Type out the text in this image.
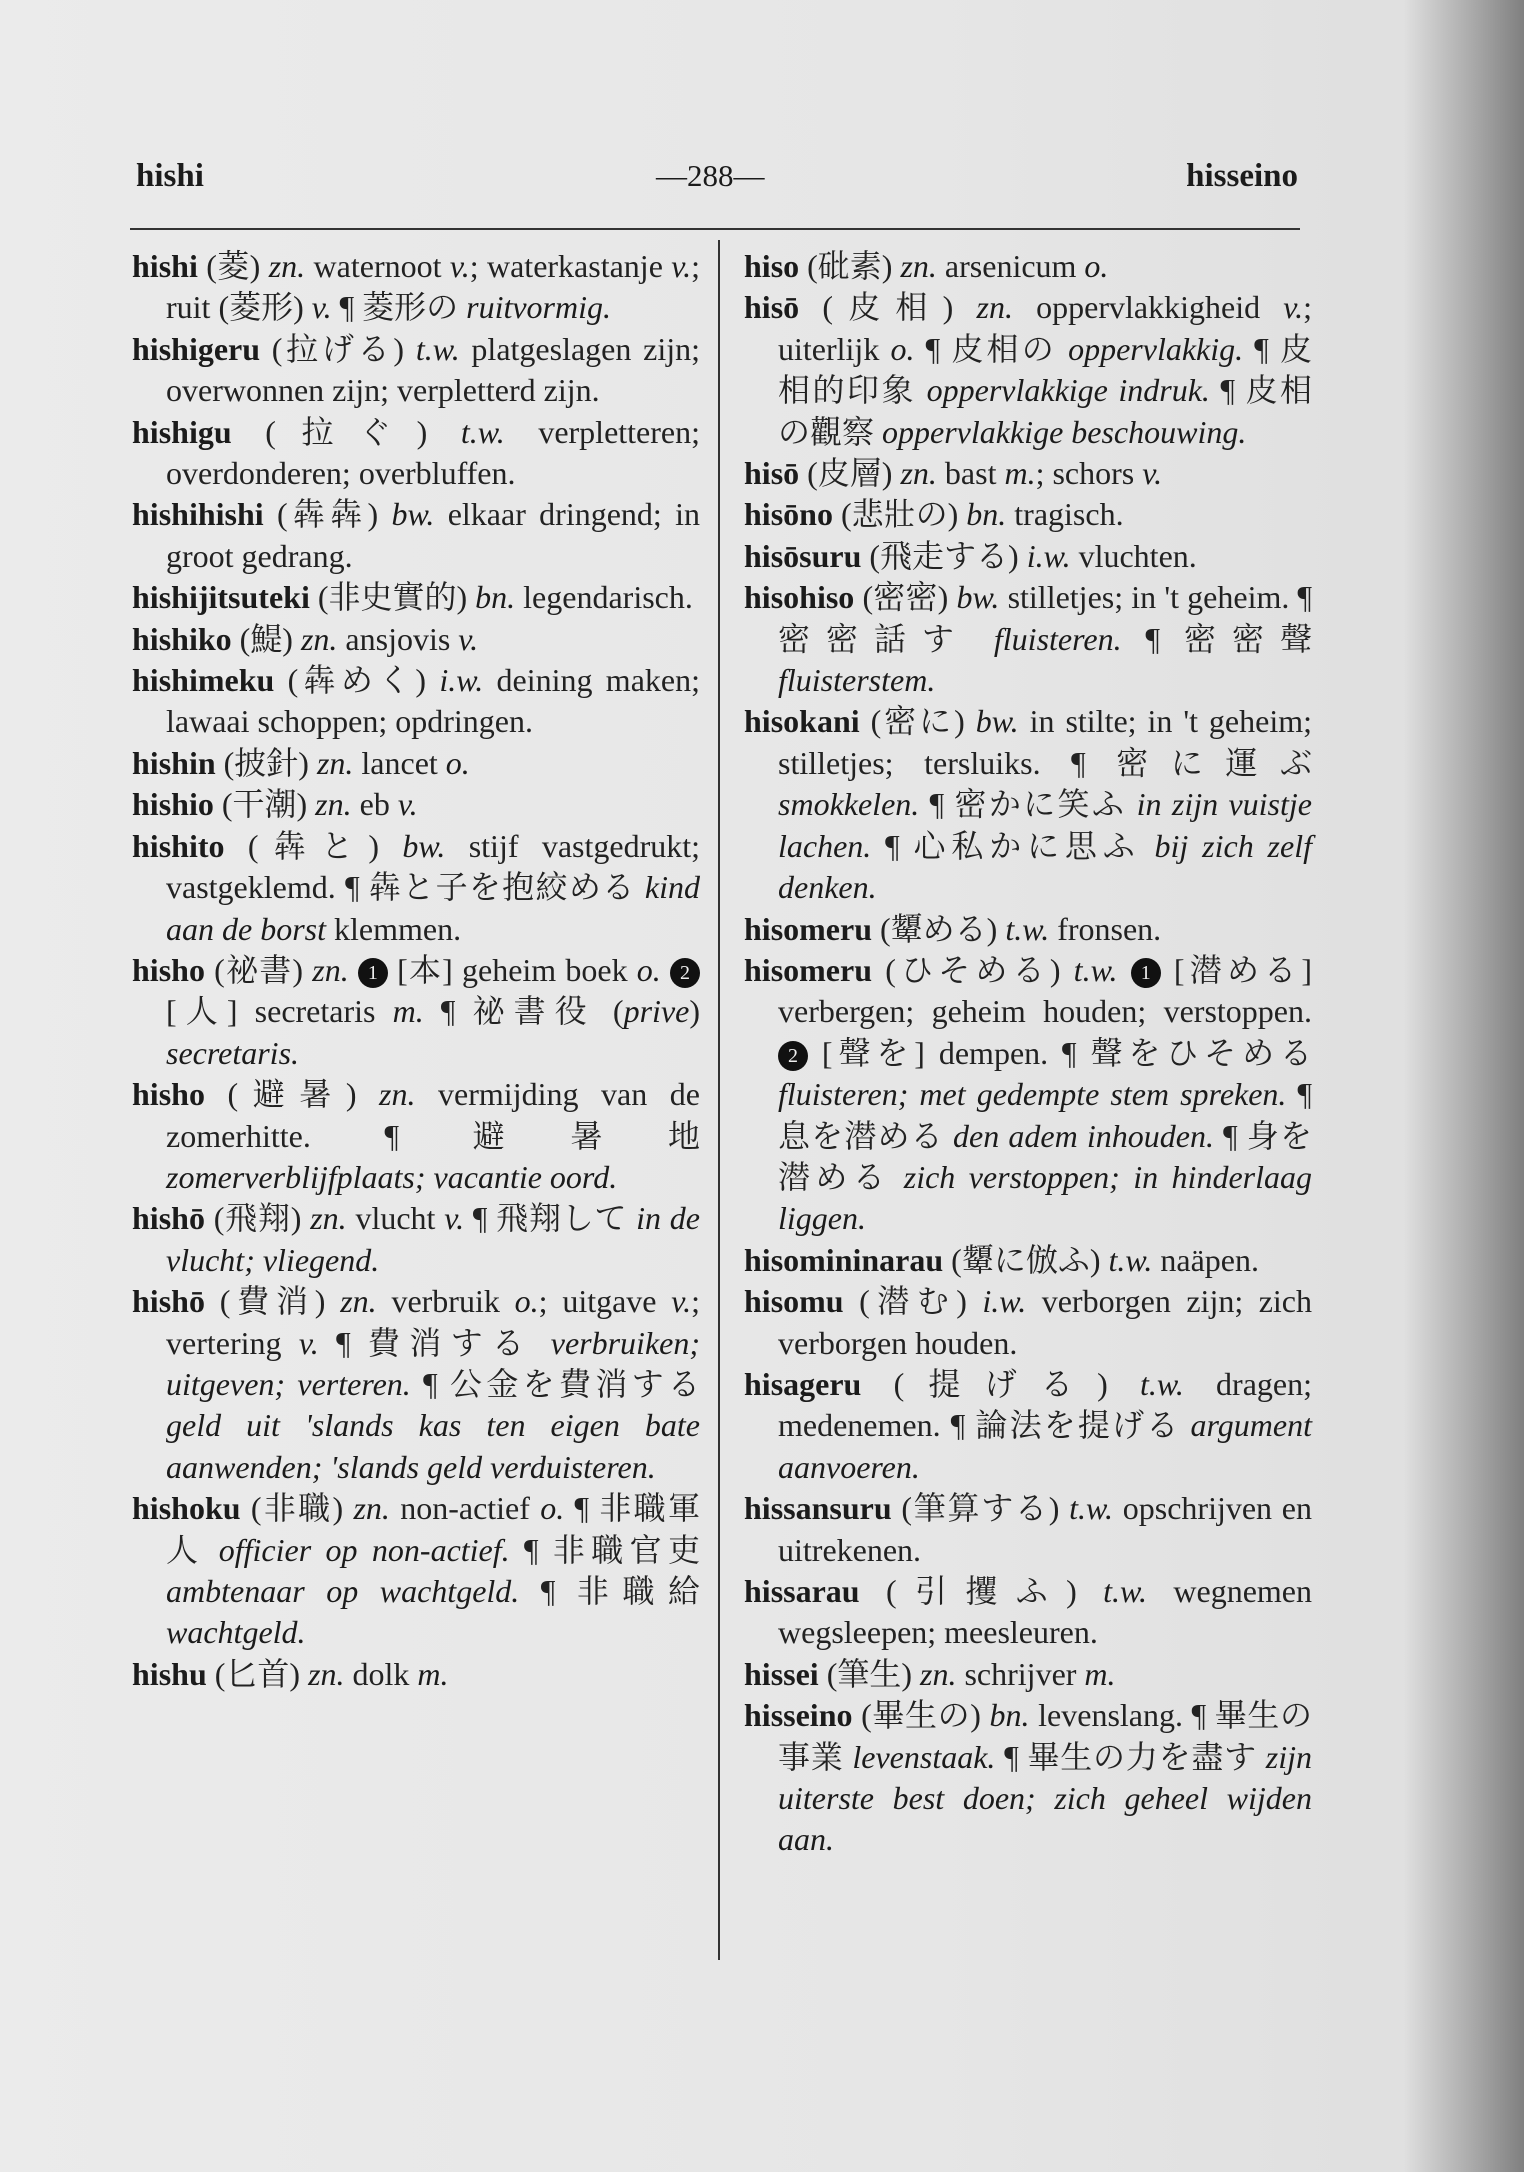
hishi	—288—	hisseino
hishi (菱) zn. waternoot v.; waterkastanje v.; ruit (菱形) v. ¶ 菱形の ruitvormig.
hishigeru (拉げる) t.w. platgeslagen zijn; overwonnen zijn; verpletterd zijn.
hishigu (拉ぐ) t.w. verpletteren; overdonderen; overbluffen.
hishihishi (犇犇) bw. elkaar dringend; in groot gedrang.
hishijitsuteki (非史實的) bn. legendarisch.
hishiko (鯷) zn. ansjovis v.
hishimeku (犇めく) i.w. deining maken; lawaai schoppen; opdringen.
hishin (披針) zn. lancet o.
hishio (干潮) zn. eb v.
hishito (犇と) bw. stijf vastgedrukt; vastgeklemd. ¶ 犇と子を抱絞める kind aan de borst klemmen.
hisho (祕書) zn. 1 [本] geheim boek o. 2 [人] secretaris m. ¶ 祕書役 (prive) secretaris.
hisho (避暑) zn. vermijding van de zomerhitte. ¶ 避暑地 zomerverblijfplaats; vacantie oord.
hishō (飛翔) zn. vlucht v. ¶ 飛翔して in de vlucht; vliegend.
hishō (費消) zn. verbruik o.; uitgave v.; vertering v. ¶ 費消する verbruiken; uitgeven; verteren. ¶ 公金を費消する geld uit 'slands kas ten eigen bate aanwenden; 'slands geld verduisteren.
hishoku (非職) zn. non-actief o. ¶ 非職軍人 officier op non-actief. ¶ 非職官吏 ambtenaar op wachtgeld. ¶ 非職給 wachtgeld.
hishu (匕首) zn. dolk m.
hiso (砒素) zn. arsenicum o.
hisō (皮相) zn. oppervlakkigheid v.; uiterlijk o. ¶ 皮相の oppervlakkig. ¶ 皮相的印象 oppervlakkige indruk. ¶ 皮相の觀察 oppervlakkige beschouwing.
hisō (皮層) zn. bast m.; schors v.
hisōno (悲壯の) bn. tragisch.
hisōsuru (飛走する) i.w. vluchten.
hisohiso (密密) bw. stilletjes; in 't geheim. ¶ 密密話す fluisteren. ¶ 密密聲 fluisterstem.
hisokani (密に) bw. in stilte; in 't geheim; stilletjes; tersluiks. ¶ 密に運ぶ smokkelen. ¶ 密かに笑ふ in zijn vuistje lachen. ¶ 心私かに思ふ bij zich zelf denken.
hisomeru (顰める) t.w. fronsen.
hisomeru (ひそめる) t.w. 1 [潜める] verbergen; geheim houden; verstoppen. 2 [聲を] dempen. ¶ 聲をひそめる fluisteren; met gedempte stem spreken. ¶ 息を潜める den adem inhouden. ¶ 身を潜める zich verstoppen; in hinderlaag liggen.
hisomininarau (顰に倣ふ) t.w. naäpen.
hisomu (潜む) i.w. verborgen zijn; zich verborgen houden.
hisageru (提げる) t.w. dragen; medenemen. ¶ 論法を提げる argument aanvoeren.
hissansuru (筆算する) t.w. opschrijven en uitrekenen.
hissarau (引攫ふ) t.w. wegnemen wegsleepen; meesleuren.
hissei (筆生) zn. schrijver m.
hisseino (畢生の) bn. levenslang. ¶ 畢生の事業 levenstaak. ¶ 畢生の力を盡す zijn uiterste best doen; zich geheel wijden aan.
